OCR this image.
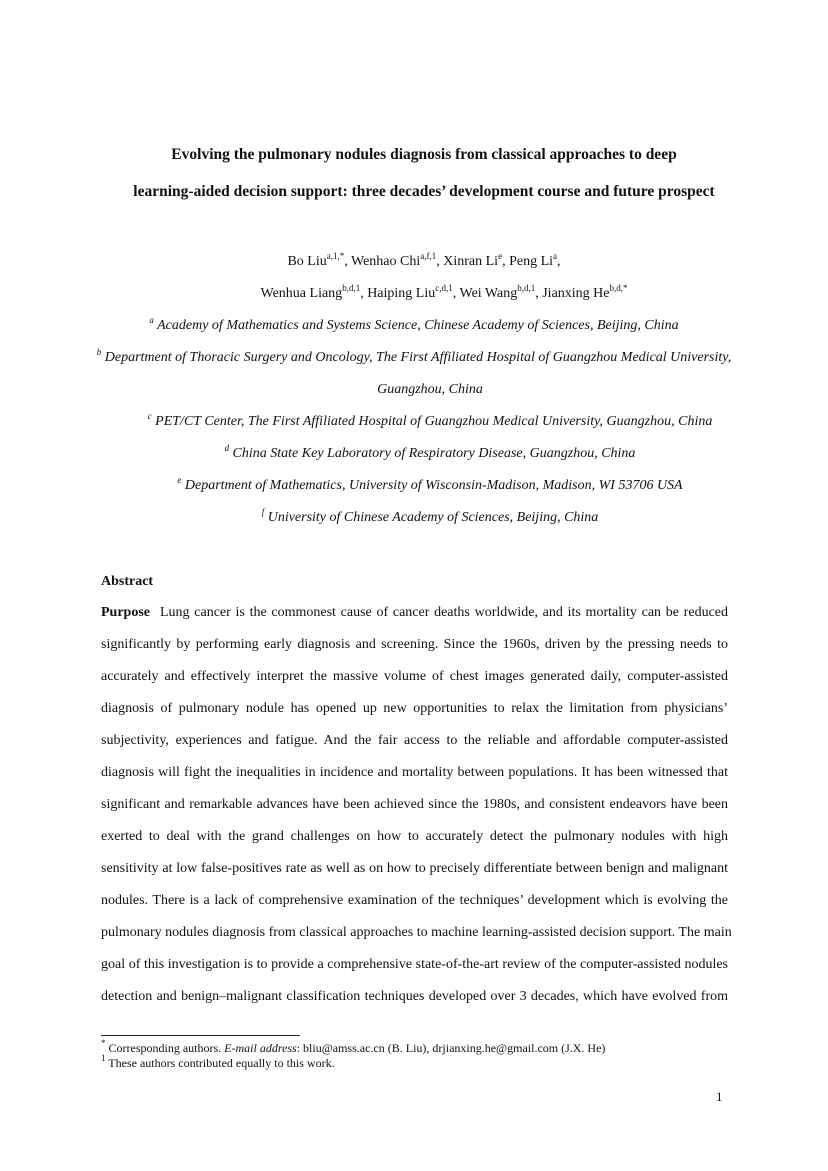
Evolving the pulmonary nodules diagnosis from classical approaches to deep
learning-aided decision support: three decades’ development course and future prospect
Bo Liu$^{a,1,*}$, Wenhao Chi$^{a,f,1}$, Xinran Li$^e$, Peng Li$^a$,
Wenhua Liang$^{b,d,1}$, Haiping Liu$^{c,d,1}$, Wei Wang$^{b,d,1}$, Jianxing $He^{b,d,*}$
$^a$ Academy of Mathematics and Systems Science, Chinese Academy of Sciences, Beijing, China
$^b$ Department of Thoracic Surgery and Oncology, The First Affiliated Hospital of Guangzhou Medical University,
Guangzhou, China
$^c$ PET/CT Center, The First Affiliated Hospital of Guangzhou Medical University, Guangzhou, China
$^d$ China State Key Laboratory of Respiratory Disease, Guangzhou, China
$^e$ Department of Mathematics, University of Wisconsin-Madison, Madison, WI 53706 USA
$^f$ University of Chinese Academy of Sciences, Beijing, China
Abstract
Purpose Lung cancer is the commonest cause of cancer deaths worldwide, and its mortality can be reduced
significantly by performing early diagnosis and screening. Since the 1960s, driven by the pressing needs to
accurately and effectively interpret the massive volume of chest images generated daily, computer-assisted
diagnosis of pulmonary nodule has opened up new opportunities to relax the limitation from physicians’
subjectivity, experiences and fatigue. And the fair access to the reliable and affordable computer-assisted
diagnosis will fight the inequalities in incidence and mortality between populations. It has been witnessed that
significant and remarkable advances have been achieved since the 1980s, and consistent endeavors have been
exerted to deal with the grand challenges on how to accurately detect the pulmonary nodules with high
sensitivity at low false-positives rate as well as on how to precisely differentiate between benign and malignant
nodules. There is a lack of comprehensive examination of the techniques’ development which is evolving the
pulmonary nodules diagnosis from classical approaches to machine learning-assisted decision support. The main
goal of this investigation is to provide a comprehensive state-of-the-art review of the computer-assisted nodules
detection and benign–malignant classification techniques developed over 3 decades, which have evolved from
* Corresponding authors. E-mail address: bliu@amss.ac.cn (B. Liu), drjianxing.he@gmail.com (J.X. He)
$^1$ These authors contributed equally to this work.
1
